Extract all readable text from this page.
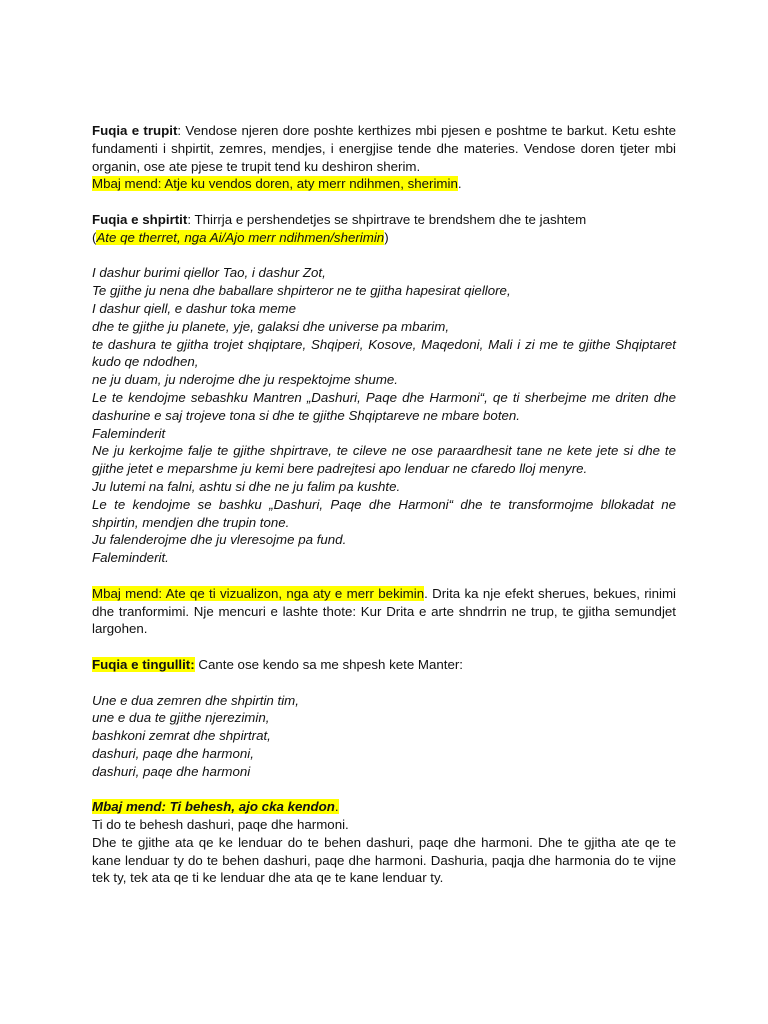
Fuqia e trupit: Vendose njeren dore poshte kerthizes mbi pjesen e poshtme te barkut. Ketu eshte fundamenti i shpirtit, zemres, mendjes, i energjise tende dhe materies. Vendose doren tjeter mbi organin, ose ate pjese te trupit tend ku deshiron sherim.

Mbaj mend: Atje ku vendos doren, aty merr ndihmen, sherimin.

Fuqia e shpirtit: Thirrja e pershendetjes se shpirtrave te brendshem dhe te jashtem

(Ate qe therret, nga Ai/Ajo merr ndihmen/sherimin)

I dashur burimi qiellor Tao, i dashur Zot,

Te gjithe ju nena dhe baballare shpirteror ne te gjitha hapesirat qiellore,

I dashur qiell, e dashur toka meme

dhe te gjithe ju planete, yje, galaksi dhe universe pa mbarim,

te dashura te gjitha trojet shqiptare, Shqiperi, Kosove, Maqedoni, Mali i zi me te gjithe Shqiptaret kudo qe ndodhen,

ne ju duam, ju nderojme dhe ju respektojme shume.

Le te kendojme sebashku Mantren „Dashuri, Paqe dhe Harmoni“, qe ti sherbejme me driten dhe dashurine e saj trojeve tona si dhe te gjithe Shqiptareve ne mbare boten.

Faleminderit

Ne ju kerkojme falje te gjithe shpirtrave, te cileve ne ose paraardhesit tane ne kete jete si dhe te gjithe jetet e meparshme ju kemi bere padrejtesi apo lenduar ne cfaredo lloj menyre.

Ju lutemi na falni, ashtu si dhe ne ju falim pa kushte.

Le te kendojme se bashku „Dashuri, Paqe dhe Harmoni“ dhe te transformojme bllokadat ne shpirtin, mendjen dhe trupin tone.

Ju falenderojme dhe ju vleresojme pa fund.

Faleminderit.

Mbaj mend: Ate qe ti vizualizon, nga aty e merr bekimin. Drita ka nje efekt sherues, bekues, rinimi dhe tranformimi. Nje mencuri e lashte thote: Kur Drita e arte shndrrin ne trup, te gjitha semundjet largohen.

Fuqia e tingullit: Cante ose kendo sa me shpesh kete Manter:

Une e dua zemren dhe shpirtin tim,

une e dua te gjithe njerezimin,

bashkoni zemrat dhe shpirtrat,

dashuri, paqe dhe harmoni,

dashuri, paqe dhe harmoni

Mbaj mend: Ti behesh, ajo cka kendon.

Ti do te behesh dashuri, paqe dhe harmoni.

Dhe te gjithe ata qe ke lenduar do te behen dashuri, paqe dhe harmoni. Dhe te gjitha ate qe te kane lenduar ty do te behen dashuri, paqe dhe harmoni. Dashuria, paqja dhe harmonia do te vijne tek ty, tek ata qe ti ke lenduar dhe ata qe te kane lenduar ty.
